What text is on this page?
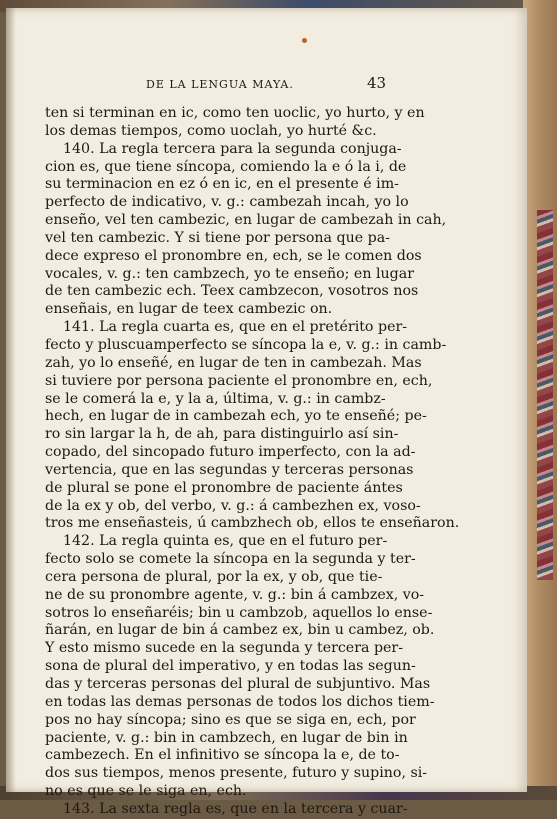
DE LA LENGUA MAYA.	43
ten si terminan en ic, como ten uoclic, yo hurto, y en
los demas tiempos, como uoclah, yo hurté &c.
140. La regla tercera para la segunda conjuga-
cion es, que tiene síncopa, comiendo la e ó la i, de
su terminacion en ez ó en ic, en el presente é im-
perfecto de indicativo, v. g.: cambezah incah, yo lo
enseño, vel ten cambezic, en lugar de cambezah in cah,
vel ten cambezic. Y si tiene por persona que pa-
dece expreso el pronombre en, ech, se le comen dos
vocales, v. g.: ten cambzech, yo te enseño; en lugar
de ten cambezic ech. Teex cambzecon, vosotros nos
enseñais, en lugar de teex cambezic on.
141. La regla cuarta es, que en el pretérito per-
fecto y pluscuamperfecto se síncopa la e, v. g.: in camb-
zah, yo lo enseñé, en lugar de ten in cambezah. Mas
si tuviere por persona paciente el pronombre en, ech,
se le comerá la e, y la a, última, v. g.: in cambz-
hech, en lugar de in cambezah ech, yo te enseñé; pe-
ro sin largar la h, de ah, para distinguirlo así sin-
copado, del sincopado futuro imperfecto, con la ad-
vertencia, que en las segundas y terceras personas
de plural se pone el pronombre de paciente ántes
de la ex y ob, del verbo, v. g.: á cambezhen ex, voso-
tros me enseñasteis, ú cambzhech ob, ellos te enseñaron.
142. La regla quinta es, que en el futuro per-
fecto solo se comete la síncopa en la segunda y ter-
cera persona de plural, por la ex, y ob, que tie-
ne de su pronombre agente, v. g.: bin á cambzex, vo-
sotros lo enseñaréis; bin u cambzob, aquellos lo ense-
ñarán, en lugar de bin á cambez ex, bin u cambez, ob.
Y esto mismo sucede en la segunda y tercera per-
sona de plural del imperativo, y en todas las segun-
das y terceras personas del plural de subjuntivo. Mas
en todas las demas personas de todos los dichos tiem-
pos no hay síncopa; sino es que se siga en, ech, por
paciente, v. g.: bin in cambzech, en lugar de bin in
cambezech. En el infinitivo se síncopa la e, de to-
dos sus tiempos, menos presente, futuro y supino, si-
no es que se le siga en, ech.
143. La sexta regla es, que en la tercera y cuar-
